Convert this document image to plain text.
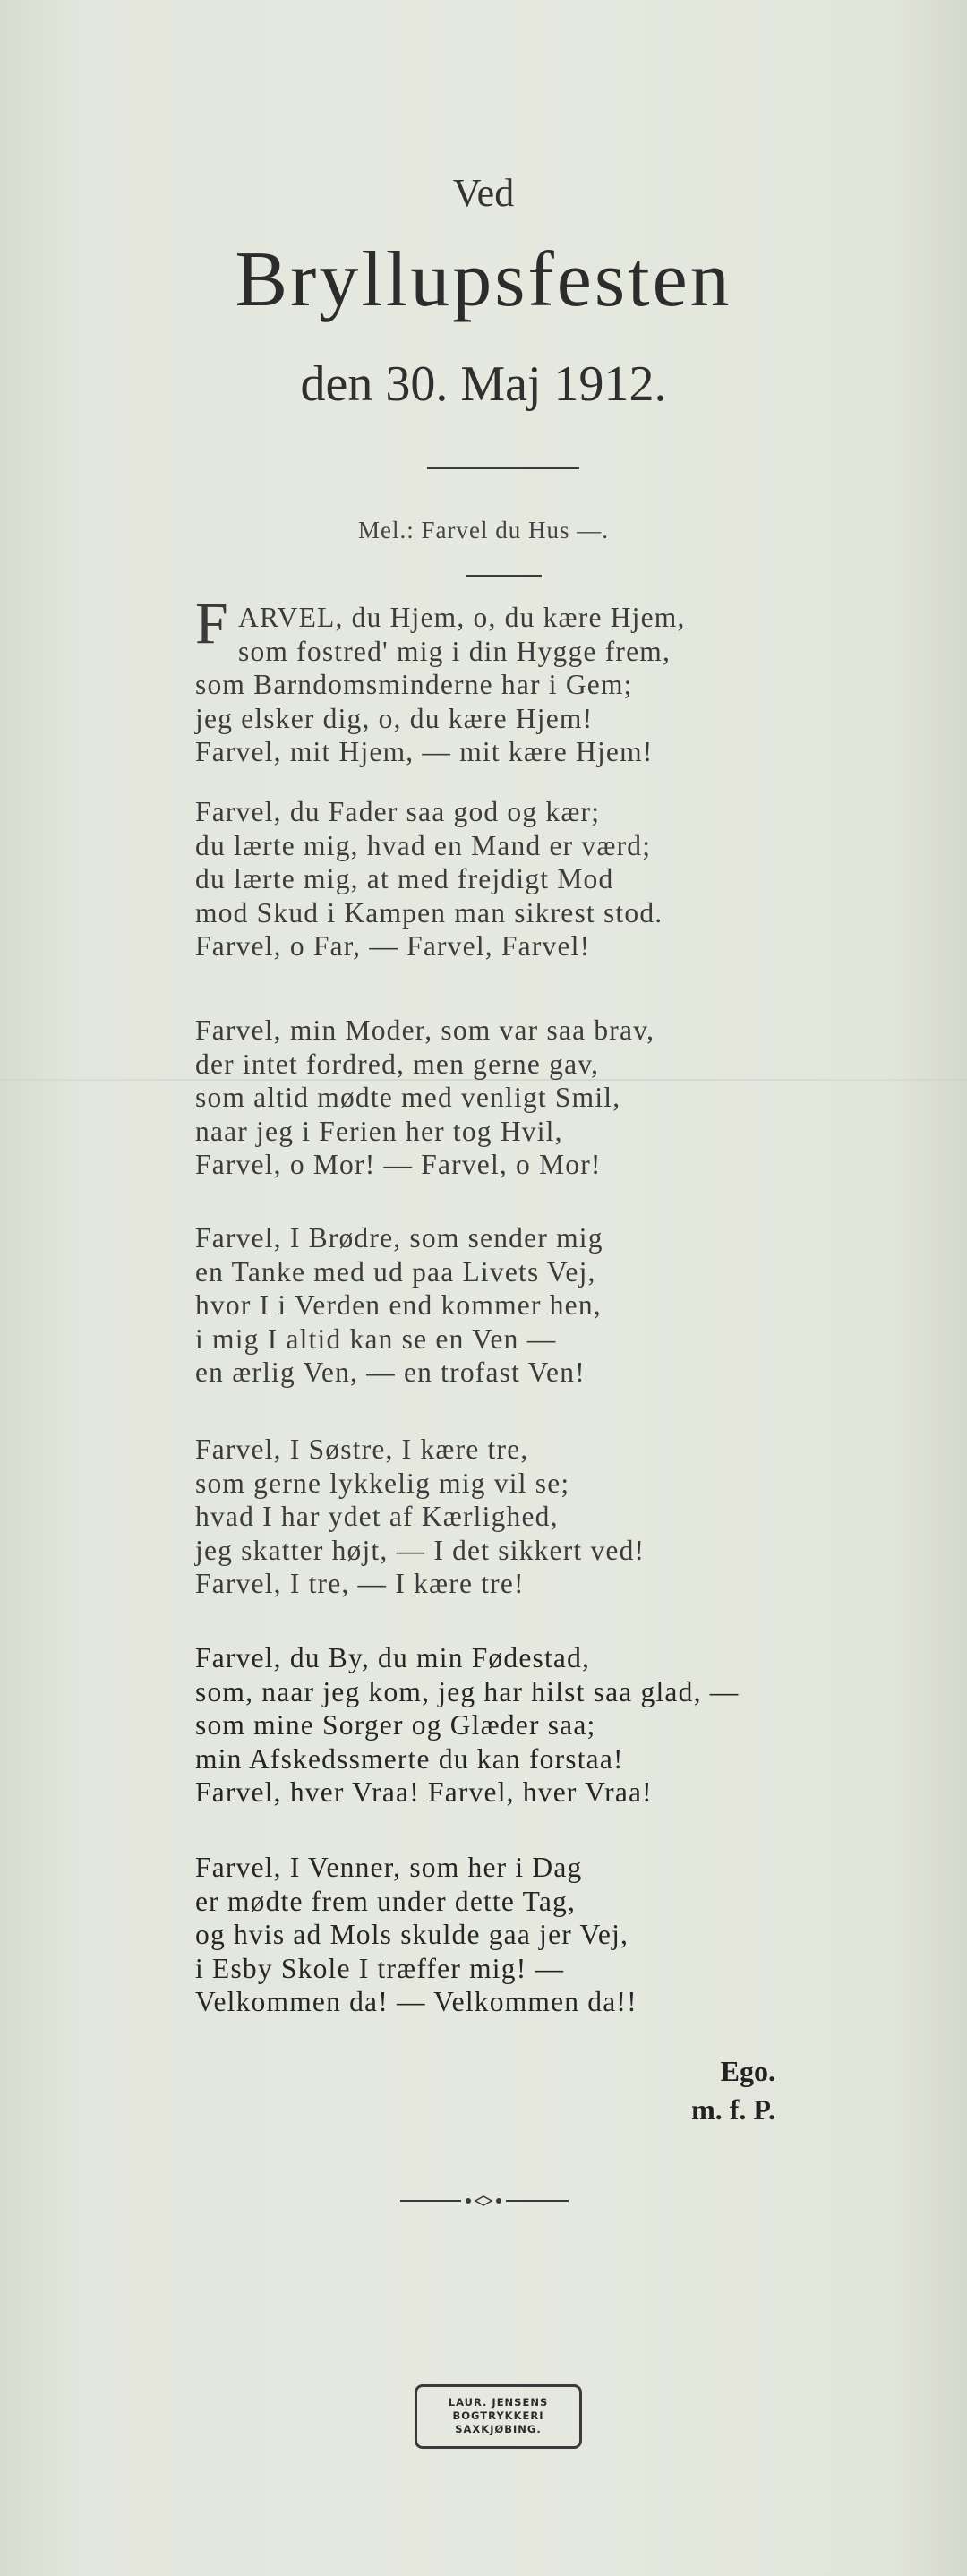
Ved
Bryllupsfesten
den 30. Maj 1912.
Mel.: Farvel du Hus —.
F ARVEL, du Hjem, o, du kære Hjem,
som fostred' mig i din Hygge frem,
som Barndomsminderne har i Gem;
jeg elsker dig, o, du kære Hjem!
Farvel, mit Hjem, — mit kære Hjem!
Farvel, du Fader saa god og kær;
du lærte mig, hvad en Mand er værd;
du lærte mig, at med frejdigt Mod
mod Skud i Kampen man sikrest stod.
Farvel, o Far, — Farvel, Farvel!
Farvel, min Moder, som var saa brav,
der intet fordred, men gerne gav,
som altid mødte med venligt Smil,
naar jeg i Ferien her tog Hvil,
Farvel, o Mor! — Farvel, o Mor!
Farvel, I Brødre, som sender mig
en Tanke med ud paa Livets Vej,
hvor I i Verden end kommer hen,
i mig I altid kan se en Ven —
en ærlig Ven, — en trofast Ven!
Farvel, I Søstre, I kære tre,
som gerne lykkelig mig vil se;
hvad I har ydet af Kærlighed,
jeg skatter højt, — I det sikkert ved!
Farvel, I tre, — I kære tre!
Farvel, du By, du min Fødestad,
som, naar jeg kom, jeg har hilst saa glad, —
som mine Sorger og Glæder saa;
min Afskedssmerte du kan forstaa!
Farvel, hver Vraa! Farvel, hver Vraa!
Farvel, I Venner, som her i Dag
er mødte frem under dette Tag,
og hvis ad Mols skulde gaa jer Vej,
i Esby Skole I træffer mig! —
Velkommen da! — Velkommen da!!
Ego.
m. f. P.
LAUR. JENSENS
BOGTRYKKERI
SAXKJØBING.
